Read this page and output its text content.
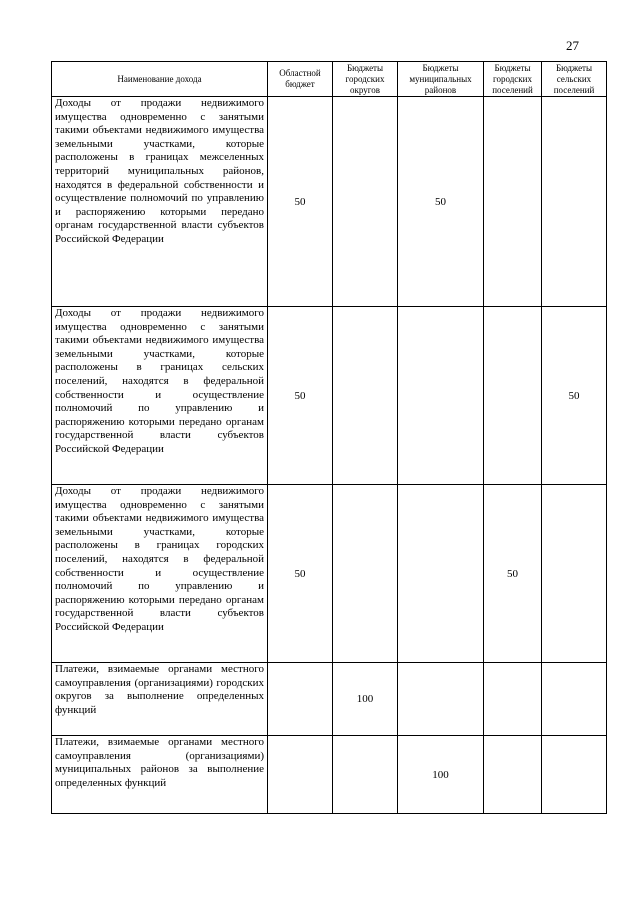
27
Наименование дохода	Областной бюджет	Бюджеты городских округов	Бюджеты муниципальных районов	Бюджеты городских поселений	Бюджеты сельских поселений
Доходы от продажи недвижимого имущества одновременно с занятыми такими объектами недвижимого имущества земельными участками, которые расположены в границах межселенных территорий муниципальных районов, находятся в федеральной собственности и осуществление полномочий по управлению и распоряжению которыми передано органам государственной власти субъектов Российской Федерации	50		50		
Доходы от продажи недвижимого имущества одновременно с занятыми такими объектами недвижимого имущества земельными участками, которые расположены в границах сельских поселений, находятся в федеральной собственности и осуществление полномочий по управлению и распоряжению которыми передано органам государственной власти субъектов Российской Федерации	50				50
Доходы от продажи недвижимого имущества одновременно с занятыми такими объектами недвижимого имущества земельными участками, которые расположены в границах городских поселений, находятся в федеральной собственности и осуществление полномочий по управлению и распоряжению которыми передано органам государственной власти субъектов Российской Федерации	50			50	
Платежи, взимаемые органами местного самоуправления (организациями) городских округов за выполнение определенных функций		100			
Платежи, взимаемые органами местного самоуправления (организациями) муниципальных районов за выполнение определенных функций			100		
